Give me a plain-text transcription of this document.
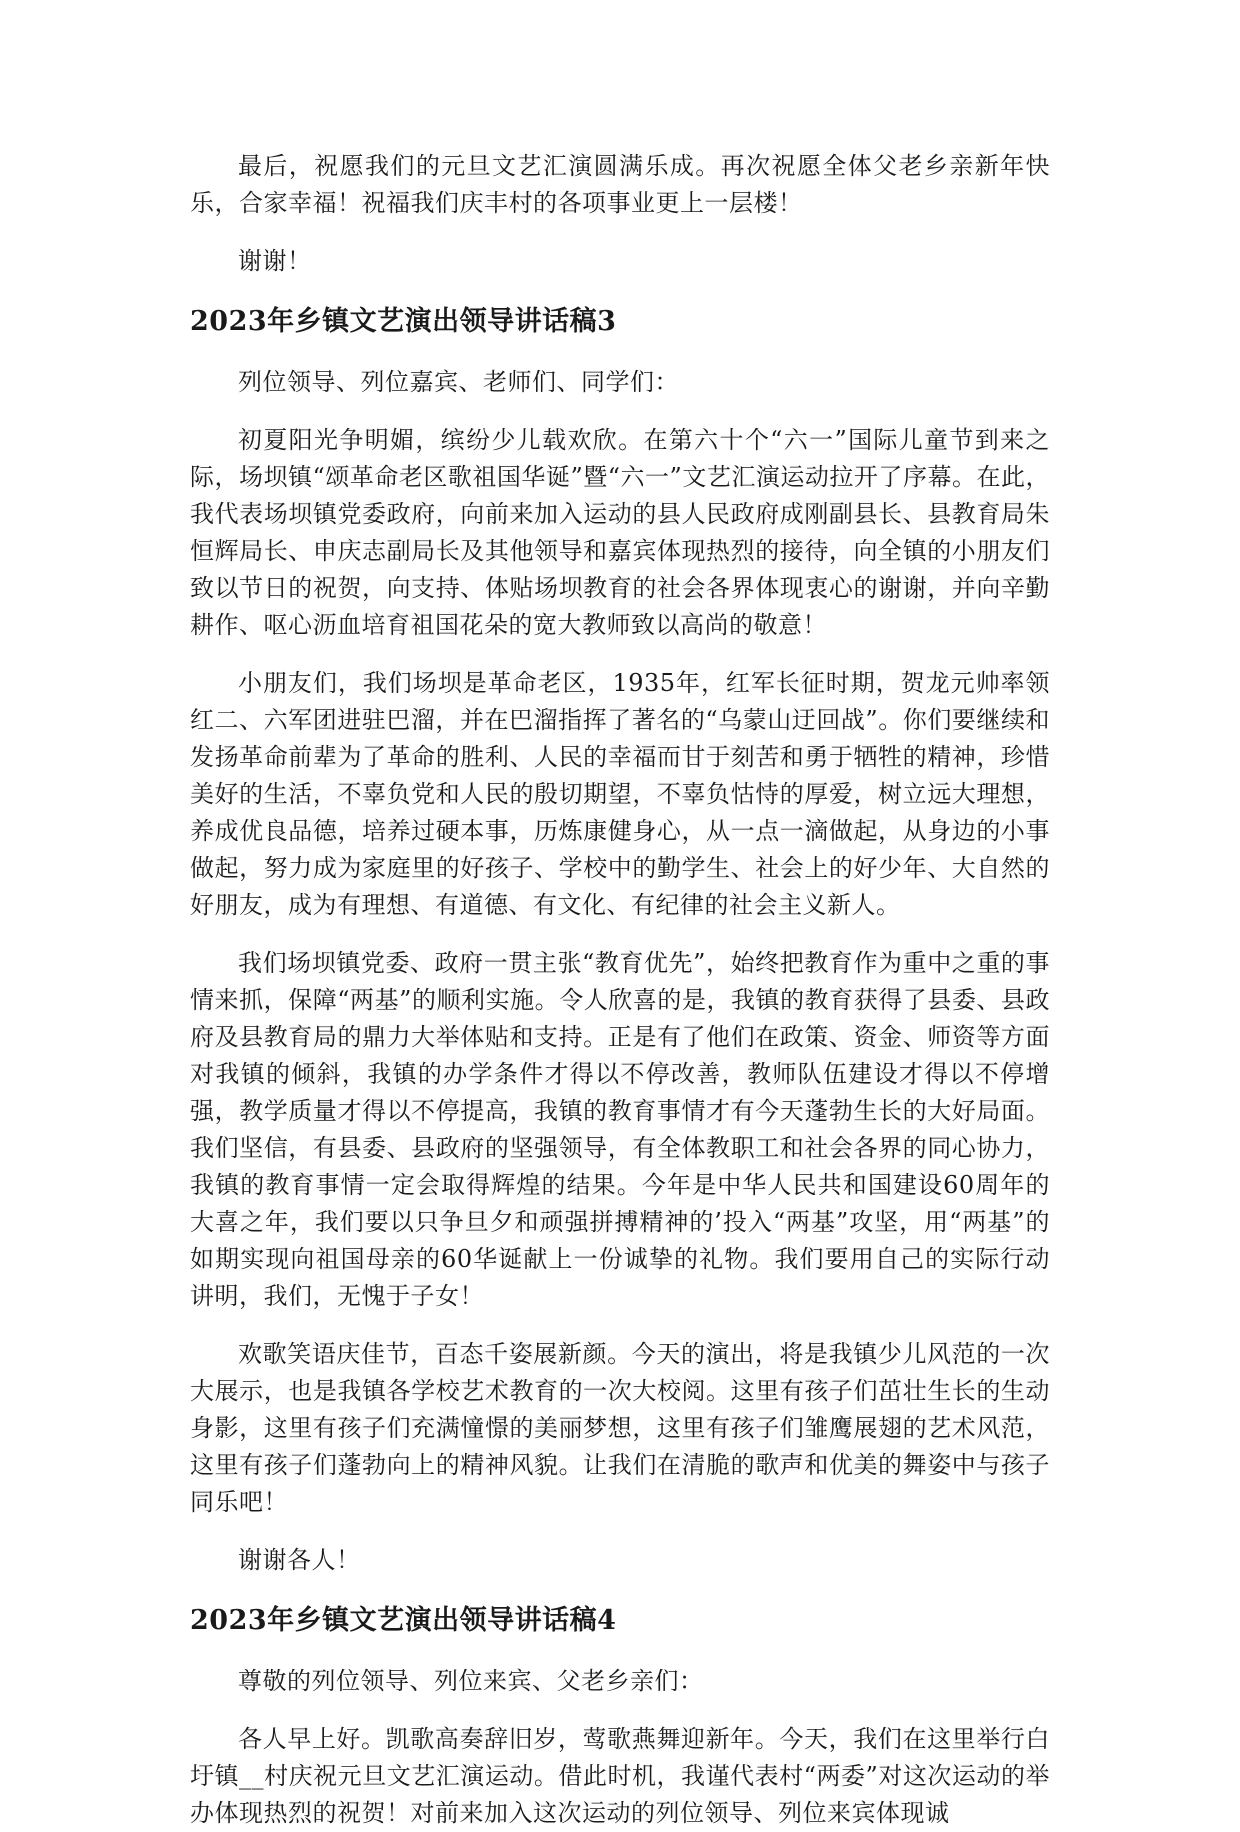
最后，祝愿我们的元旦文艺汇演圆满乐成。再次祝愿全体父老乡亲新年快乐，合家幸福！祝福我们庆丰村的各项事业更上一层楼！

谢谢！

2023年乡镇文艺演出领导讲话稿3

列位领导、列位嘉宾、老师们、同学们：

初夏阳光争明媚，缤纷少儿载欢欣。在第六十个“六一”国际儿童节到来之际，场坝镇“颂革命老区歌祖国华诞”暨“六一”文艺汇演运动拉开了序幕。在此，我代表场坝镇党委政府，向前来加入运动的县人民政府成刚副县长、县教育局朱恒辉局长、申庆志副局长及其他领导和嘉宾体现热烈的接待，向全镇的小朋友们致以节日的祝贺，向支持、体贴场坝教育的社会各界体现衷心的谢谢，并向辛勤耕作、呕心沥血培育祖国花朵的宽大教师致以高尚的敬意！

小朋友们，我们场坝是革命老区，1935年，红军长征时期，贺龙元帅率领红二、六军团进驻巴溜，并在巴溜指挥了著名的“乌蒙山迂回战”。你们要继续和发扬革命前辈为了革命的胜利、人民的幸福而甘于刻苦和勇于牺牲的精神，珍惜美好的生活，不辜负党和人民的殷切期望，不辜负怙恃的厚爱，树立远大理想，养成优良品德，培养过硬本事，历炼康健身心，从一点一滴做起，从身边的小事做起，努力成为家庭里的好孩子、学校中的勤学生、社会上的好少年、大自然的好朋友，成为有理想、有道德、有文化、有纪律的社会主义新人。

我们场坝镇党委、政府一贯主张“教育优先”，始终把教育作为重中之重的事情来抓，保障“两基”的顺利实施。令人欣喜的是，我镇的教育获得了县委、县政府及县教育局的鼎力大举体贴和支持。正是有了他们在政策、资金、师资等方面对我镇的倾斜，我镇的办学条件才得以不停改善，教师队伍建设才得以不停增强，教学质量才得以不停提高，我镇的教育事情才有今天蓬勃生长的大好局面。我们坚信，有县委、县政府的坚强领导，有全体教职工和社会各界的同心协力，我镇的教育事情一定会取得辉煌的结果。今年是中华人民共和国建设60周年的大喜之年，我们要以只争旦夕和顽强拼搏精神的’投入“两基”攻坚，用“两基”的如期实现向祖国母亲的60华诞献上一份诚挚的礼物。我们要用自己的实际行动讲明，我们，无愧于子女！

欢歌笑语庆佳节，百态千姿展新颜。今天的演出，将是我镇少儿风范的一次大展示，也是我镇各学校艺术教育的一次大校阅。这里有孩子们茁壮生长的生动身影，这里有孩子们充满憧憬的美丽梦想，这里有孩子们雏鹰展翅的艺术风范，这里有孩子们蓬勃向上的精神风貌。让我们在清脆的歌声和优美的舞姿中与孩子同乐吧！

谢谢各人！

2023年乡镇文艺演出领导讲话稿4

尊敬的列位领导、列位来宾、父老乡亲们：

各人早上好。凯歌高奏辞旧岁，莺歌燕舞迎新年。今天，我们在这里举行白圩镇__村庆祝元旦文艺汇演运动。借此时机，我谨代表村“两委”对这次运动的举办体现热烈的祝贺！对前来加入这次运动的列位领导、列位来宾体现诚
